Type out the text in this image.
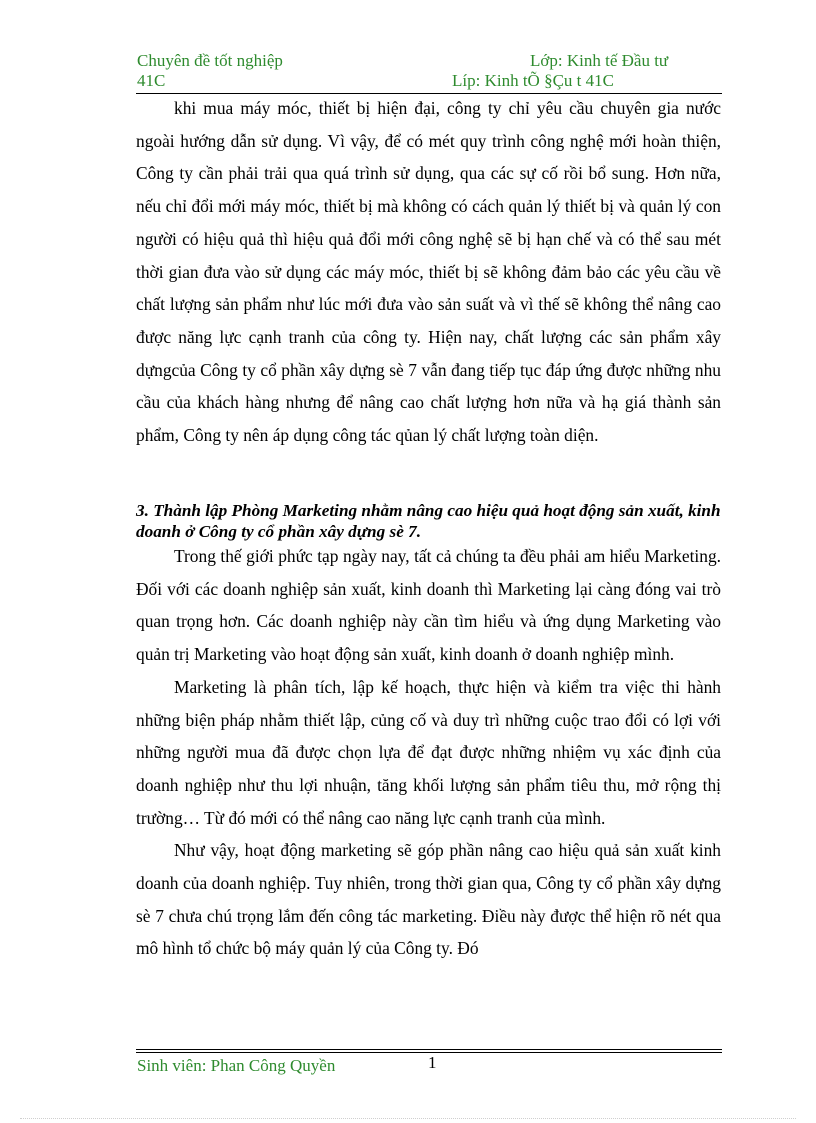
Chuyên đề tốt nghiệp	Lớp: Kinh tế Đầu tư
41C	Líp: Kinh tÕ §Çu t 41C

khi mua máy móc, thiết bị hiện đại, công ty chỉ yêu cầu chuyên gia nước ngoài hướng dẫn sử dụng. Vì vậy, để có mét quy trình công nghệ mới hoàn thiện, Công ty cần phải trải qua quá trình sử dụng, qua các sự cố rồi bổ sung. Hơn nữa, nếu chỉ đổi mới máy móc, thiết bị mà không có cách quản lý thiết bị và quản lý con người có hiệu quả thì hiệu quả đổi mới công nghệ sẽ bị hạn chế và có thể sau mét thời gian đưa vào sử dụng các máy móc, thiết bị sẽ không đảm bảo các yêu cầu về chất lượng sản phẩm như lúc mới đưa vào sản suất và vì thế sẽ không thể nâng cao được năng lực cạnh tranh của công ty. Hiện nay, chất lượng các sản phẩm xây dựngcủa Công ty cổ phần xây dựng sè 7 vẫn đang tiếp tục đáp ứng được những nhu cầu của khách hàng nhưng để nâng cao chất lượng hơn nữa và hạ giá thành sản phẩm, Công ty nên áp dụng công tác qủan lý chất lượng toàn diện.

3. Thành lập Phòng Marketing nhằm nâng cao hiệu quả hoạt động sản xuất, kinh doanh ở Công ty cổ phần xây dựng sè 7.

Trong thế giới phức tạp ngày nay, tất cả chúng ta đều phải am hiểu Marketing. Đối với các doanh nghiệp sản xuất, kinh doanh thì Marketing lại càng đóng vai trò quan trọng hơn. Các doanh nghiệp này cần tìm hiểu và ứng dụng Marketing vào quản trị Marketing vào hoạt động sản xuất, kinh doanh ở doanh nghiệp mình.

Marketing là phân tích, lập kế hoạch, thực hiện và kiểm tra việc thi hành những biện pháp nhằm thiết lập, củng cố và duy trì những cuộc trao đổi có lợi với những người mua đã được chọn lựa để đạt được những nhiệm vụ xác định của doanh nghiệp như thu lợi nhuận, tăng khối lượng sản phẩm tiêu thu, mở rộng thị trường… Từ đó mới có thể nâng cao năng lực cạnh tranh của mình.

Như vậy, hoạt động marketing sẽ góp phần nâng cao hiệu quả sản xuất kinh doanh của doanh nghiệp. Tuy nhiên, trong thời gian qua, Công ty cổ phần xây dựng sè 7 chưa chú trọng lắm đến công tác marketing. Điều này được thể hiện rõ nét qua mô hình tổ chức bộ máy quản lý của Công ty. Đó

Sinh viên: Phan Công Quyền	1
